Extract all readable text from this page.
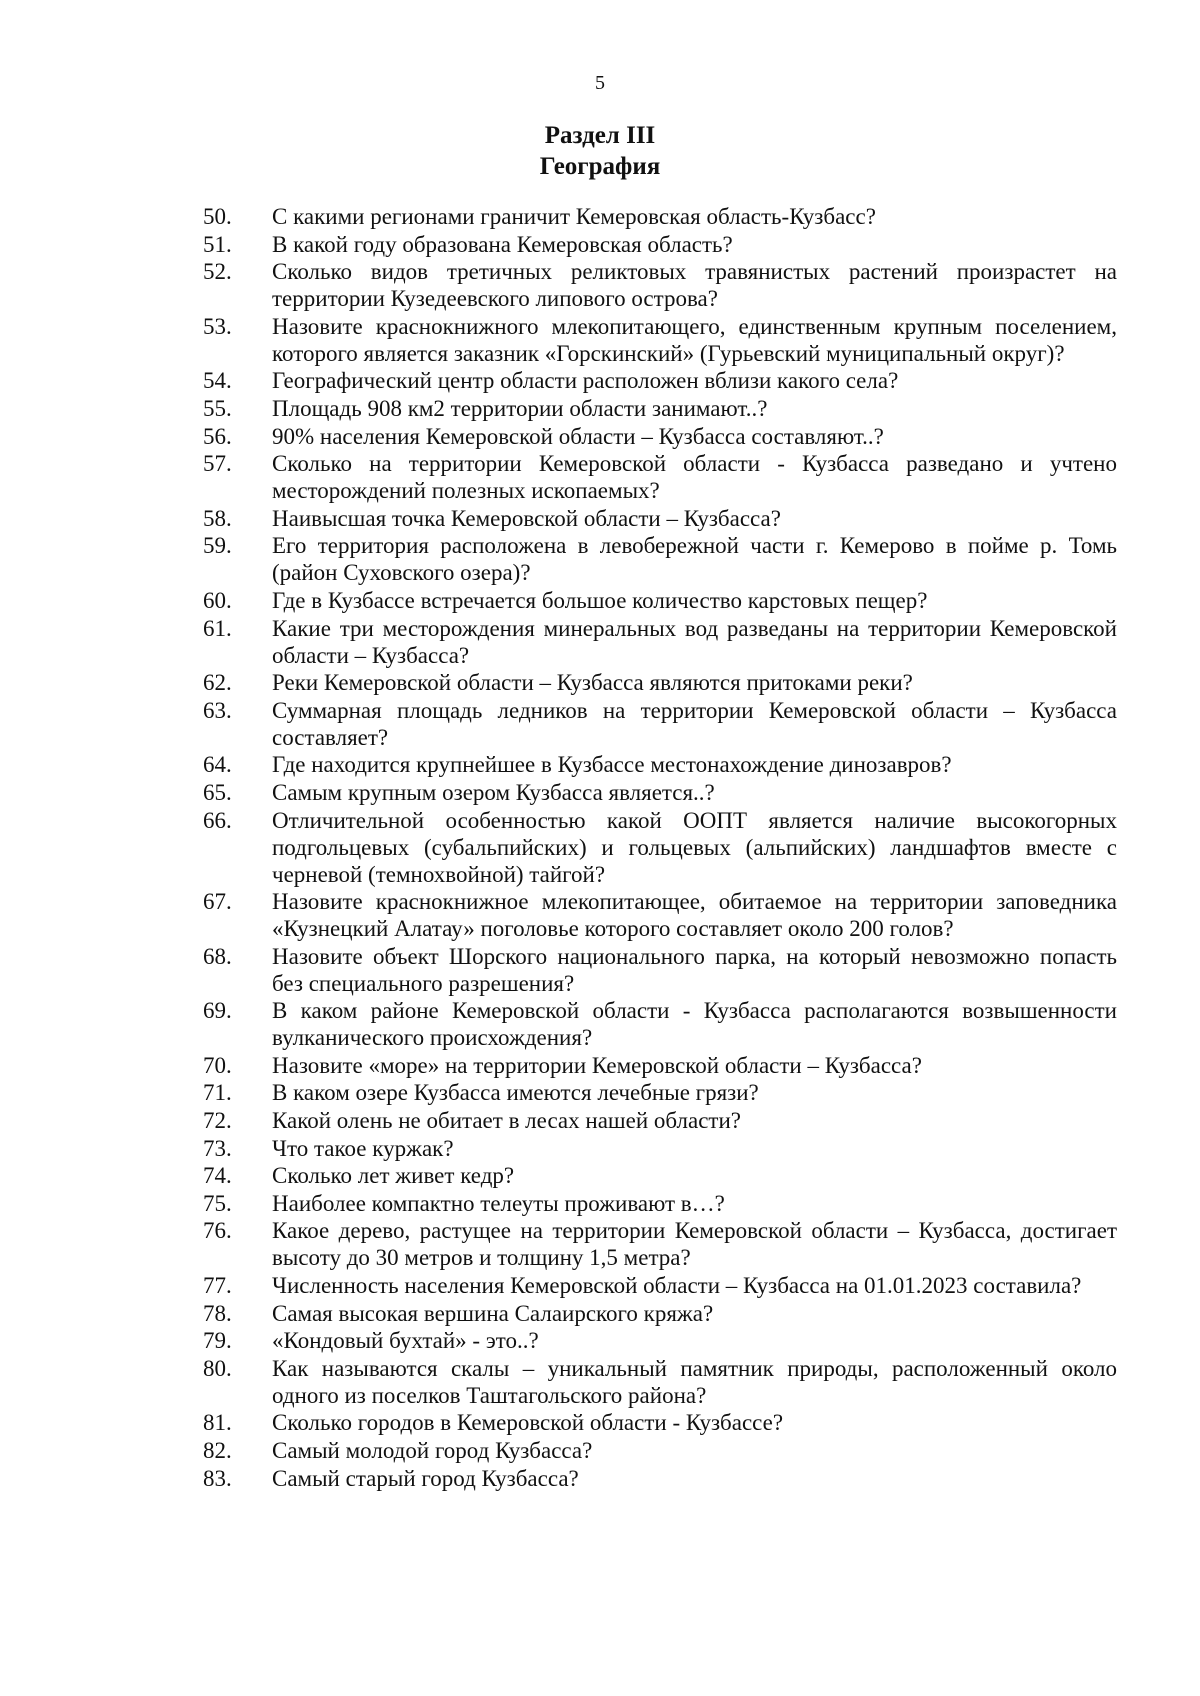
5
Раздел III
География
50.	С какими регионами граничит Кемеровская область-Кузбасс?
51.	В какой году образована Кемеровская область?
52.	Сколько видов третичных реликтовых травянистых растений произрастет на территории Кузедеевского липового острова?
53.	Назовите краснокнижного млекопитающего, единственным крупным поселением, которого является заказник «Горскинский» (Гурьевский муниципальный округ)?
54.	Географический центр области расположен вблизи какого села?
55.	Площадь 908 км2 территории области занимают..?
56.	90% населения Кемеровской области – Кузбасса составляют..?
57.	Сколько на территории Кемеровской области - Кузбасса разведано и учтено месторождений полезных ископаемых?
58.	Наивысшая точка Кемеровской области – Кузбасса?
59.	Его территория расположена в левобережной части г. Кемерово в пойме р. Томь (район Суховского озера)?
60.	Где в Кузбассе встречается большое количество карстовых пещер?
61.	Какие три месторождения минеральных вод разведаны на территории Кемеровской области – Кузбасса?
62.	Реки Кемеровской области – Кузбасса являются притоками реки?
63.	Суммарная площадь ледников на территории Кемеровской области – Кузбасса составляет?
64.	Где находится крупнейшее в Кузбассе местонахождение динозавров?
65.	Самым крупным озером Кузбасса является..?
66.	Отличительной особенностью какой ООПТ является наличие высокогорных подгольцевых (субальпийских) и гольцевых (альпийских) ландшафтов вместе с черневой (темнохвойной) тайгой?
67.	Назовите краснокнижное млекопитающее, обитаемое на территории заповедника «Кузнецкий Алатау» поголовье которого составляет около 200 голов?
68.	Назовите объект Шорского национального парка, на который невозможно попасть без специального разрешения?
69.	В каком районе Кемеровской области - Кузбасса располагаются возвышенности вулканического происхождения?
70.	Назовите «море» на территории Кемеровской области – Кузбасса?
71.	В каком озере Кузбасса имеются лечебные грязи?
72.	Какой олень не обитает в лесах нашей области?
73.	Что такое куржак?
74.	Сколько лет живет кедр?
75.	Наиболее компактно телеуты проживают в…?
76.	Какое дерево, растущее на территории Кемеровской области – Кузбасса, достигает высоту до 30 метров и толщину 1,5 метра?
77.	Численность населения Кемеровской области – Кузбасса на 01.01.2023 составила?
78.	Самая высокая вершина Салаирского кряжа?
79.	«Кондовый бухтай» - это..?
80.	Как называются скалы – уникальный памятник природы, расположенный около одного из поселков Таштагольского района?
81.	Сколько городов в Кемеровской области - Кузбассе?
82.	Самый молодой город Кузбасса?
83.	Самый старый город Кузбасса?
